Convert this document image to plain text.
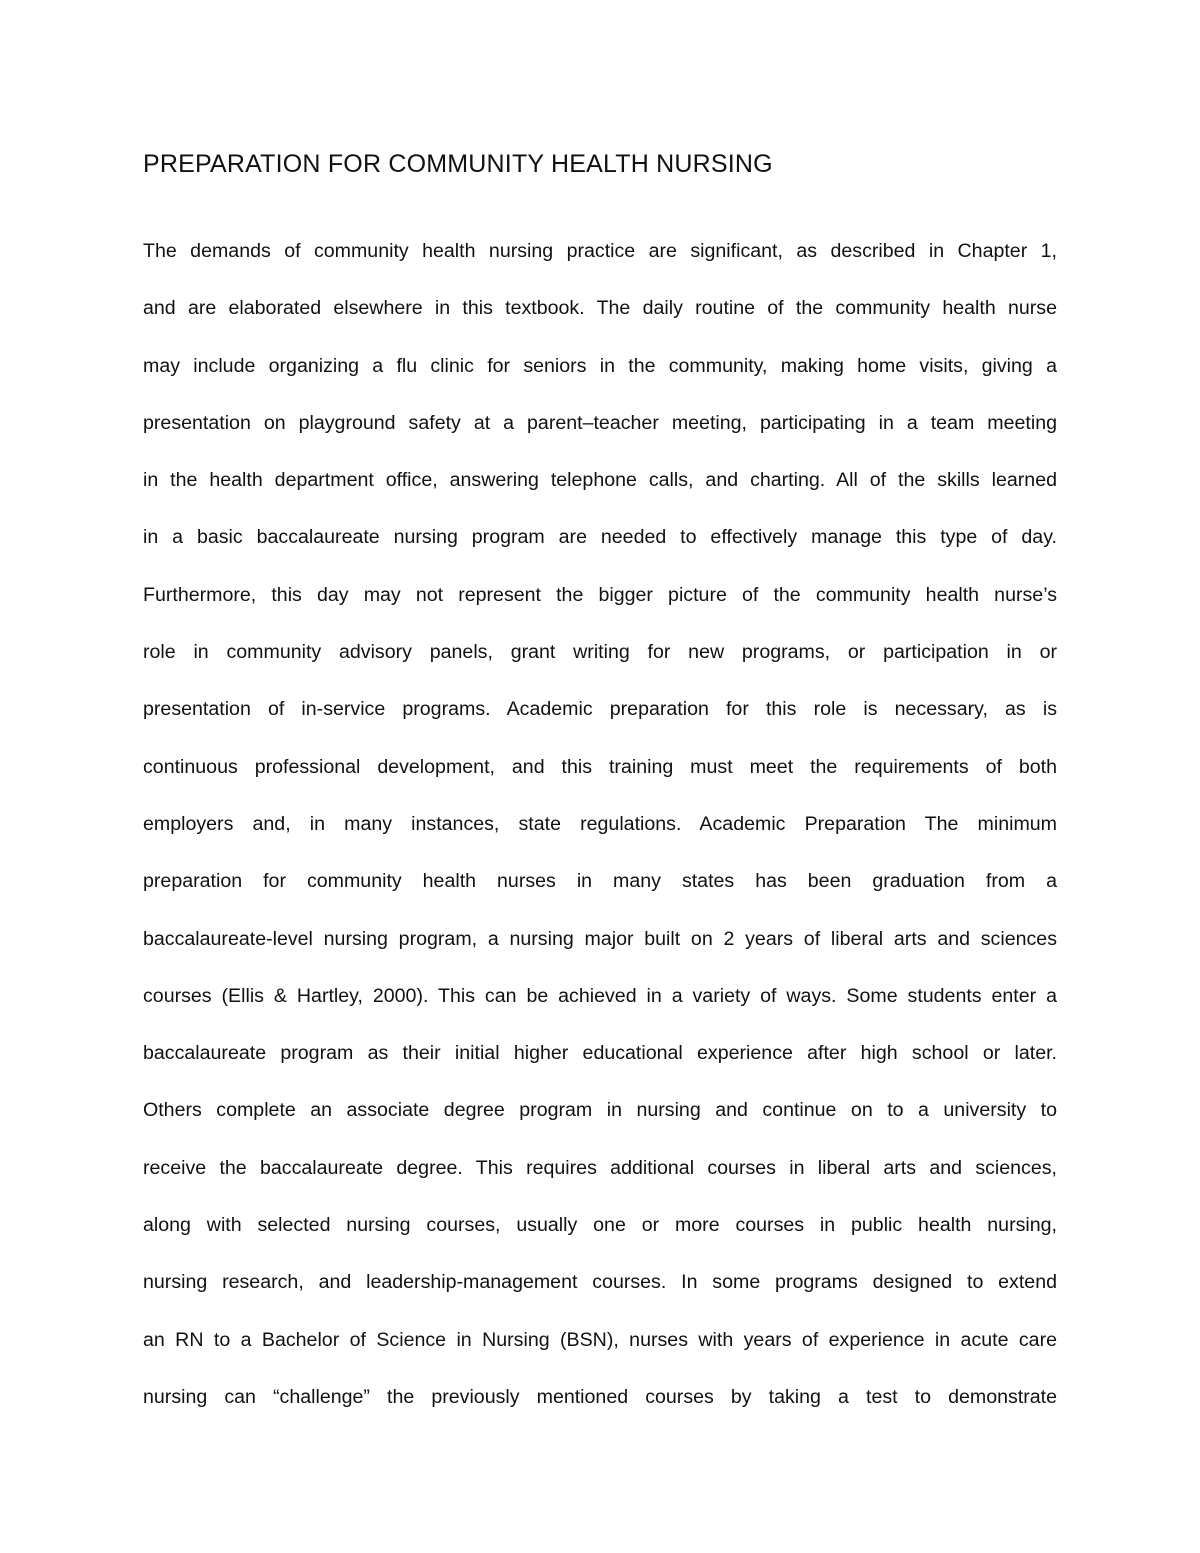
PREPARATION FOR COMMUNITY HEALTH NURSING
The demands of community health nursing practice are significant, as described in Chapter 1,
and are elaborated elsewhere in this textbook. The daily routine of the community health nurse
may include organizing a flu clinic for seniors in the community, making home visits, giving a
presentation on playground safety at a parent–teacher meeting, participating in a team meeting
in the health department office, answering telephone calls, and charting. All of the skills learned
in a basic baccalaureate nursing program are needed to effectively manage this type of day.
Furthermore, this day may not represent the bigger picture of the community health nurse’s
role in community advisory panels, grant writing for new programs, or participation in or
presentation of in-service programs. Academic preparation for this role is necessary, as is
continuous professional development, and this training must meet the requirements of both
employers and, in many instances, state regulations. Academic Preparation The minimum
preparation for community health nurses in many states has been graduation from a
baccalaureate-level nursing program, a nursing major built on 2 years of liberal arts and sciences
courses (Ellis & Hartley, 2000). This can be achieved in a variety of ways. Some students enter a
baccalaureate program as their initial higher educational experience after high school or later.
Others complete an associate degree program in nursing and continue on to a university to
receive the baccalaureate degree. This requires additional courses in liberal arts and sciences,
along with selected nursing courses, usually one or more courses in public health nursing,
nursing research, and leadership-management courses. In some programs designed to extend
an RN to a Bachelor of Science in Nursing (BSN), nurses with years of experience in acute care
nursing can “challenge” the previously mentioned courses by taking a test to demonstrate
